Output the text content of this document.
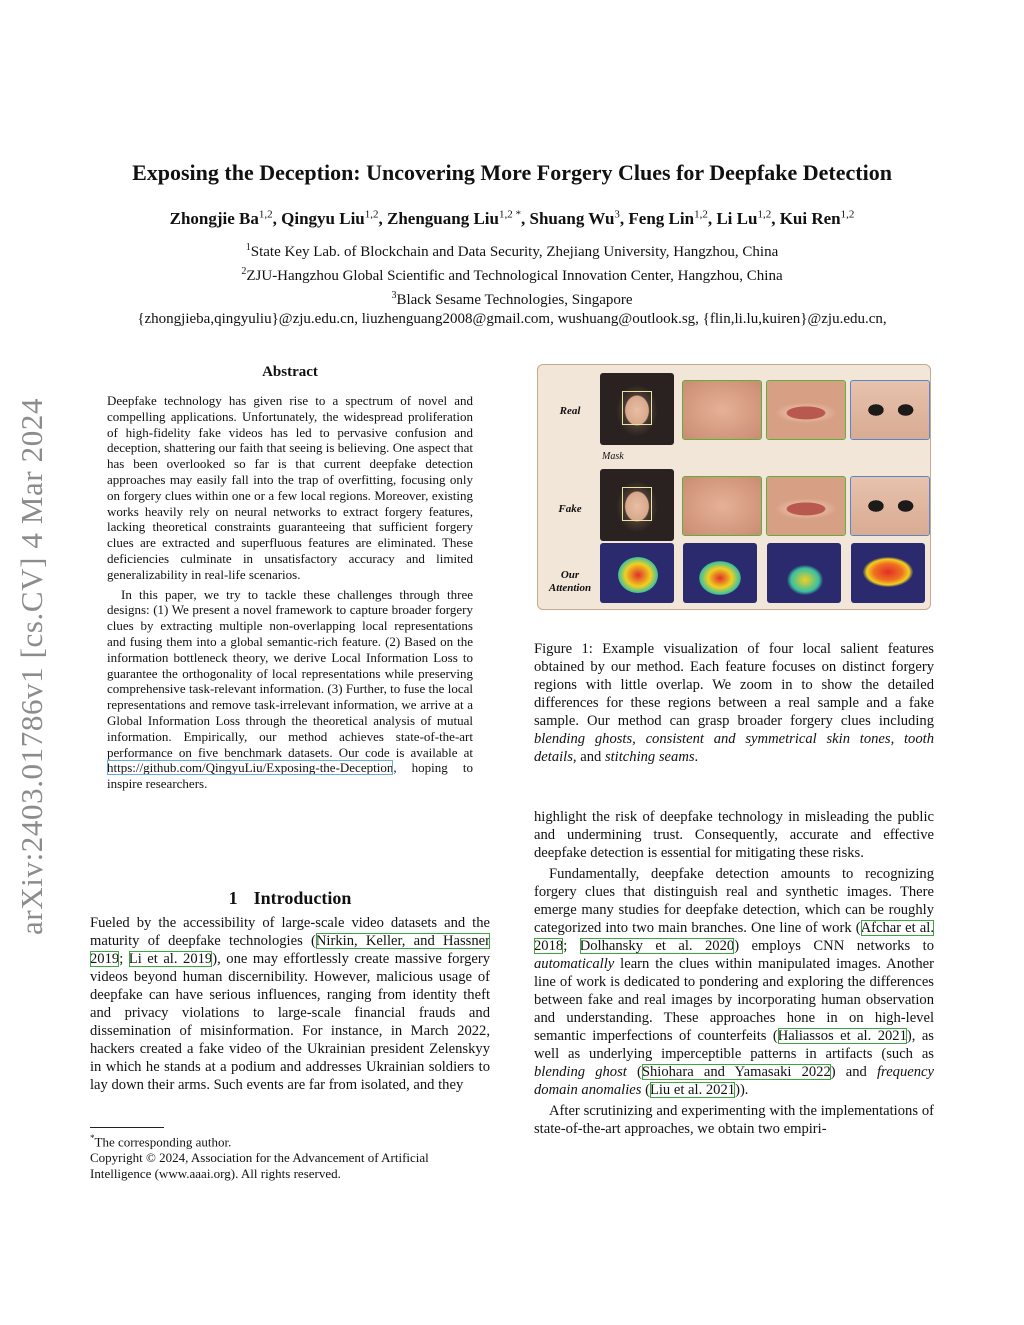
arXiv:2403.01786v1 [cs.CV] 4 Mar 2024
Exposing the Deception: Uncovering More Forgery Clues for Deepfake Detection
Zhongjie Ba$^{1,2}$, Qingyu Liu$^{1,2}$, Zhenguang Liu$^{1,2 *}$, Shuang Wu$^3$, Feng Lin$^{1,2}$, Li Lu$^{1,2}$, Kui Ren$^{1,2}$
$^1$State Key Lab. of Blockchain and Data Security, Zhejiang University, Hangzhou, China
$^2$ZJU-Hangzhou Global Scientific and Technological Innovation Center, Hangzhou, China
$^3$Black Sesame Technologies, Singapore
{zhongjieba,qingyuliu}@zju.edu.cn, liuzhenguang2008@gmail.com, wushuang@outlook.sg, {flin,li.lu,kuiren}@zju.edu.cn,
Abstract

Deepfake technology has given rise to a spectrum of novel and compelling applications. Unfortunately, the widespread proliferation of high-fidelity fake videos has led to pervasive confusion and deception, shattering our faith that seeing is believing. One aspect that has been overlooked so far is that current deepfake detection approaches may easily fall into the trap of overfitting, focusing only on forgery clues within one or a few local regions. Moreover, existing works heavily rely on neural networks to extract forgery features, lacking theoretical constraints guaranteeing that sufficient forgery clues are extracted and superfluous features are eliminated. These deficiencies culminate in unsatisfactory accuracy and limited generalizability in real-life scenarios.

In this paper, we try to tackle these challenges through three designs: (1) We present a novel framework to capture broader forgery clues by extracting multiple non-overlapping local representations and fusing them into a global semantic-rich feature. (2) Based on the information bottleneck theory, we derive Local Information Loss to guarantee the orthogonality of local representations while preserving comprehensive task-relevant information. (3) Further, to fuse the local representations and remove task-irrelevant information, we arrive at a Global Information Loss through the theoretical analysis of mutual information. Empirically, our method achieves state-of-the-art performance on five benchmark datasets. Our code is available at https://github.com/QingyuLiu/Exposing-the-Deception, hoping to inspire researchers.

1 Introduction
Fueled by the accessibility of large-scale video datasets and the maturity of deepfake technologies (Nirkin, Keller, and Hassner 2019; Li et al. 2019), one may effortlessly create massive forgery videos beyond human discernibility. However, malicious usage of deepfake can have serious influences, ranging from identity theft and privacy violations to large-scale financial frauds and dissemination of misinformation. For instance, in March 2022, hackers created a fake video of the Ukrainian president Zelenskyy in which he stands at a podium and addresses Ukrainian soldiers to lay down their arms. Such events are far from isolated, and they
*The corresponding author.
Copyright © 2024, Association for the Advancement of Artificial Intelligence (www.aaai.org). All rights reserved.
Real
Fake
Our Attention
Mask
Figure 1: Example visualization of four local salient features obtained by our method. Each feature focuses on distinct forgery regions with little overlap. We zoom in to show the detailed differences for these regions between a real sample and a fake sample. Our method can grasp broader forgery clues including blending ghosts, consistent and symmetrical skin tones, tooth details, and stitching seams.

highlight the risk of deepfake technology in misleading the public and undermining trust. Consequently, accurate and effective deepfake detection is essential for mitigating these risks.

Fundamentally, deepfake detection amounts to recognizing forgery clues that distinguish real and synthetic images. There emerge many studies for deepfake detection, which can be roughly categorized into two main branches. One line of work (Afchar et al. 2018; Dolhansky et al. 2020) employs CNN networks to automatically learn the clues within manipulated images. Another line of work is dedicated to pondering and exploring the differences between fake and real images by incorporating human observation and understanding. These approaches hone in on high-level semantic imperfections of counterfeits (Haliassos et al. 2021), as well as underlying imperceptible patterns in artifacts (such as blending ghost (Shiohara and Yamasaki 2022) and frequency domain anomalies (Liu et al. 2021)).

After scrutinizing and experimenting with the implementations of state-of-the-art approaches, we obtain two empiri-
